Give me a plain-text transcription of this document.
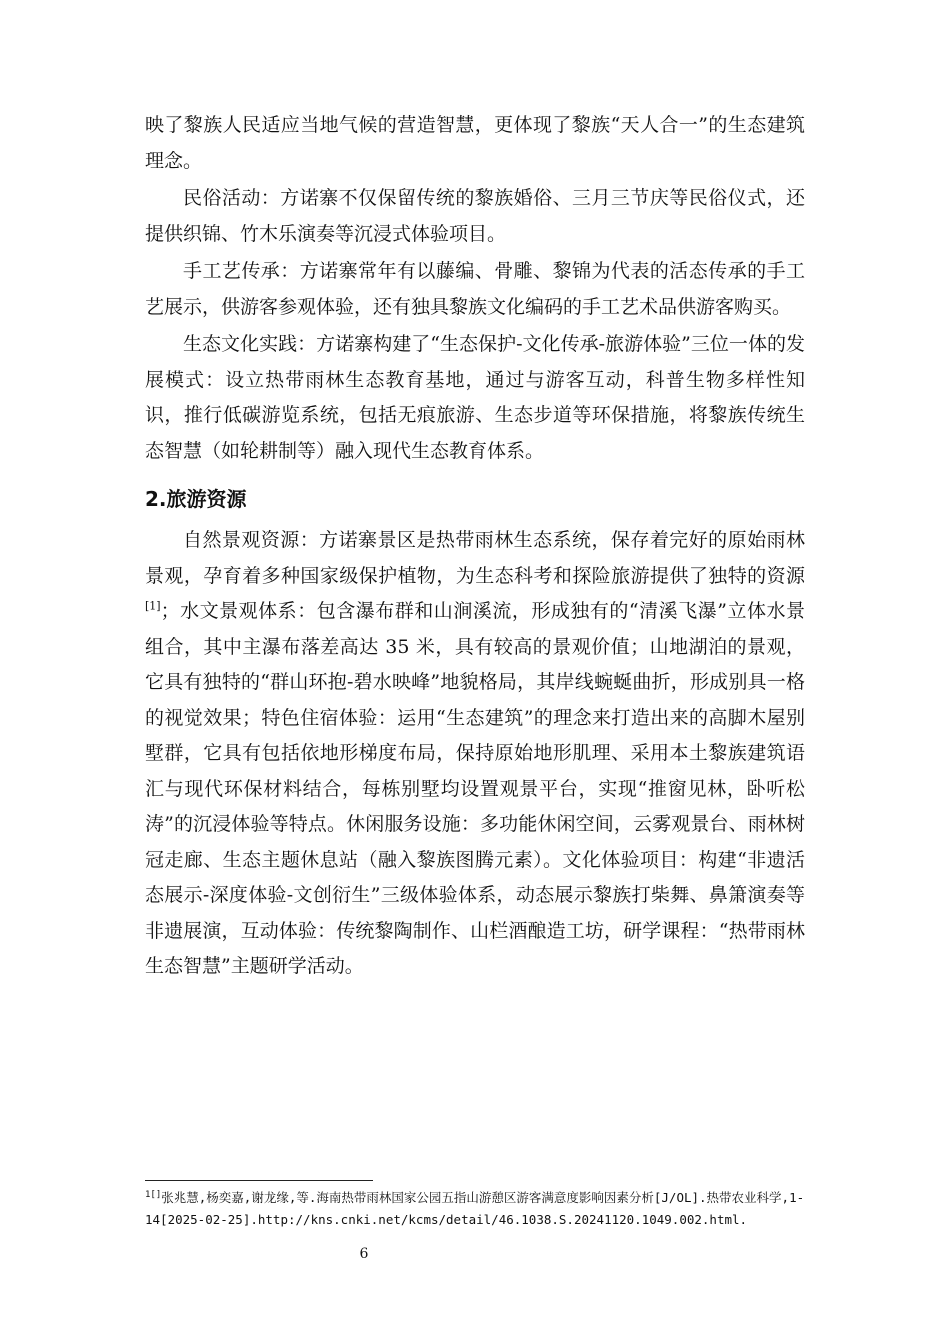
映了黎族人民适应当地气候的营造智慧，更体现了黎族“天人合一”的生态建筑理念。

民俗活动：方诺寨不仅保留传统的黎族婚俗、三月三节庆等民俗仪式，还提供织锦、竹木乐演奏等沉浸式体验项目。

手工艺传承：方诺寨常年有以藤编、骨雕、黎锦为代表的活态传承的手工艺展示，供游客参观体验，还有独具黎族文化编码的手工艺术品供游客购买。

生态文化实践：方诺寨构建了“生态保护-文化传承-旅游体验”三位一体的发展模式：设立热带雨林生态教育基地，通过与游客互动，科普生物多样性知识，推行低碳游览系统，包括无痕旅游、生态步道等环保措施，将黎族传统生态智慧（如轮耕制等）融入现代生态教育体系。

2.旅游资源

自然景观资源：方诺寨景区是热带雨林生态系统，保存着完好的原始雨林景观，孕育着多种国家级保护植物，为生态科考和探险旅游提供了独特的资源[1]；水文景观体系：包含瀑布群和山涧溪流，形成独有的“清溪飞瀑”立体水景组合，其中主瀑布落差高达 35 米，具有较高的景观价值；山地湖泊的景观，它具有独特的“群山环抱-碧水映峰”地貌格局，其岸线蜿蜒曲折，形成别具一格的视觉效果；特色住宿体验：运用“生态建筑”的理念来打造出来的高脚木屋别墅群，它具有包括依地形梯度布局，保持原始地形肌理、采用本土黎族建筑语汇与现代环保材料结合，每栋别墅均设置观景平台，实现“推窗见林，卧听松涛”的沉浸体验等特点。休闲服务设施：多功能休闲空间，云雾观景台、雨林树冠走廊、生态主题休息站（融入黎族图腾元素）。文化体验项目：构建“非遗活态展示-深度体验-文创衍生”三级体验体系，动态展示黎族打柴舞、鼻箫演奏等非遗展演，互动体验：传统黎陶制作、山栏酒酿造工坊，研学课程：“热带雨林生态智慧”主题研学活动。

$^{1[]}$张兆慧,杨奕嘉,谢龙缘,等.海南热带雨林国家公园五指山游憩区游客满意度影响因素分析[J/OL].热带农业科学,1-14[2025-02-25].http://kns.cnki.net/kcms/detail/46.1038.S.20241120.1049.002.html.
6
